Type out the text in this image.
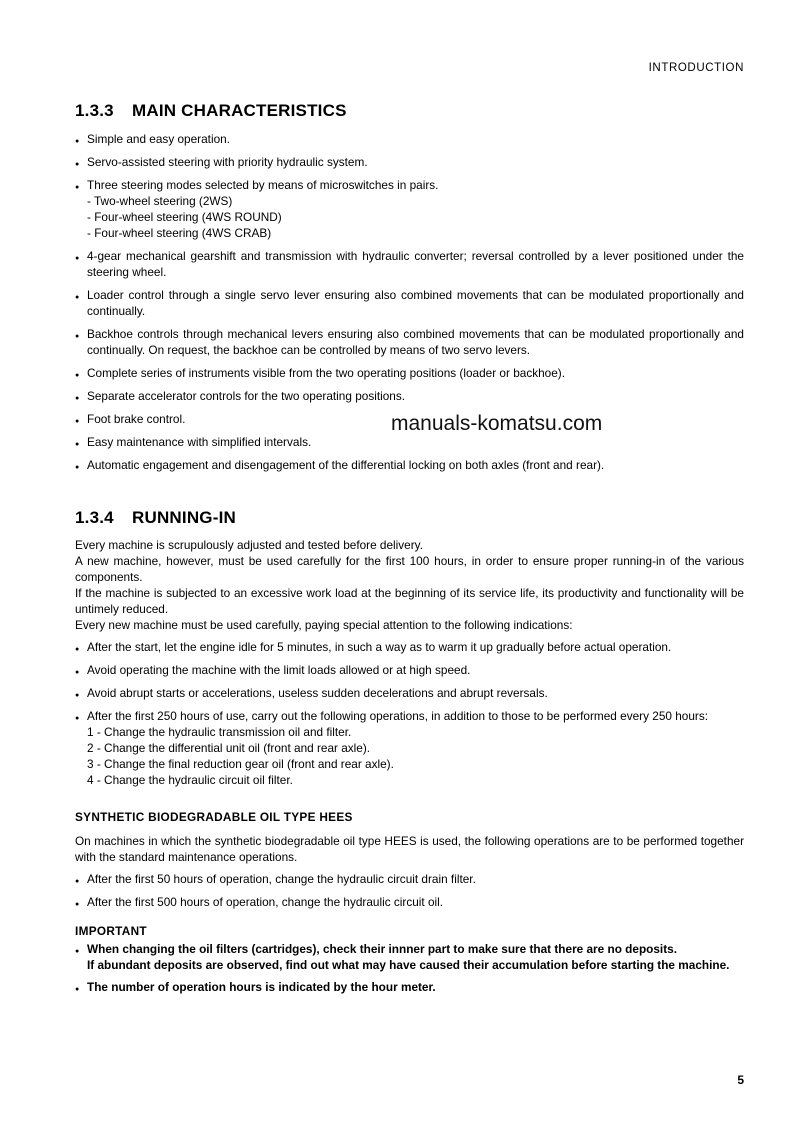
INTRODUCTION
1.3.3 MAIN CHARACTERISTICS
● Simple and easy operation.
● Servo-assisted steering with priority hydraulic system.
● Three steering modes selected by means of microswitches in pairs.
- Two-wheel steering (2WS)
- Four-wheel steering (4WS ROUND)
- Four-wheel steering (4WS CRAB)
● 4-gear mechanical gearshift and transmission with hydraulic converter; reversal controlled by a lever positioned under the steering wheel.
● Loader control through a single servo lever ensuring also combined movements that can be modulated proportionally and continually.
● Backhoe controls through mechanical levers ensuring also combined movements that can be modulated proportionally and continually. On request, the backhoe can be controlled by means of two servo levers.
● Complete series of instruments visible from the two operating positions (loader or backhoe).
● Separate accelerator controls for the two operating positions.
● Foot brake control.
● Easy maintenance with simplified intervals.
● Automatic engagement and disengagement of the differential locking on both axles (front and rear).
manuals-komatsu.com
1.3.4 RUNNING-IN
Every machine is scrupulously adjusted and tested before delivery.
A new machine, however, must be used carefully for the first 100 hours, in order to ensure proper running-in of the various components.
If the machine is subjected to an excessive work load at the beginning of its service life, its productivity and functionality will be untimely reduced.
Every new machine must be used carefully, paying special attention to the following indications:
● After the start, let the engine idle for 5 minutes, in such a way as to warm it up gradually before actual operation.
● Avoid operating the machine with the limit loads allowed or at high speed.
● Avoid abrupt starts or accelerations, useless sudden decelerations and abrupt reversals.
● After the first 250 hours of use, carry out the following operations, in addition to those to be performed every 250 hours:
1 - Change the hydraulic transmission oil and filter.
2 - Change the differential unit oil (front and rear axle).
3 - Change the final reduction gear oil (front and rear axle).
4 - Change the hydraulic circuit oil filter.
SYNTHETIC BIODEGRADABLE OIL TYPE HEES
On machines in which the synthetic biodegradable oil type HEES is used, the following operations are to be performed together with the standard maintenance operations.
● After the first 50 hours of operation, change the hydraulic circuit drain filter.
● After the first 500 hours of operation, change the hydraulic circuit oil.
IMPORTANT
● When changing the oil filters (cartridges), check their innner part to make sure that there are no deposits.
If abundant deposits are observed, find out what may have caused their accumulation before starting the machine.
● The number of operation hours is indicated by the hour meter.
5
